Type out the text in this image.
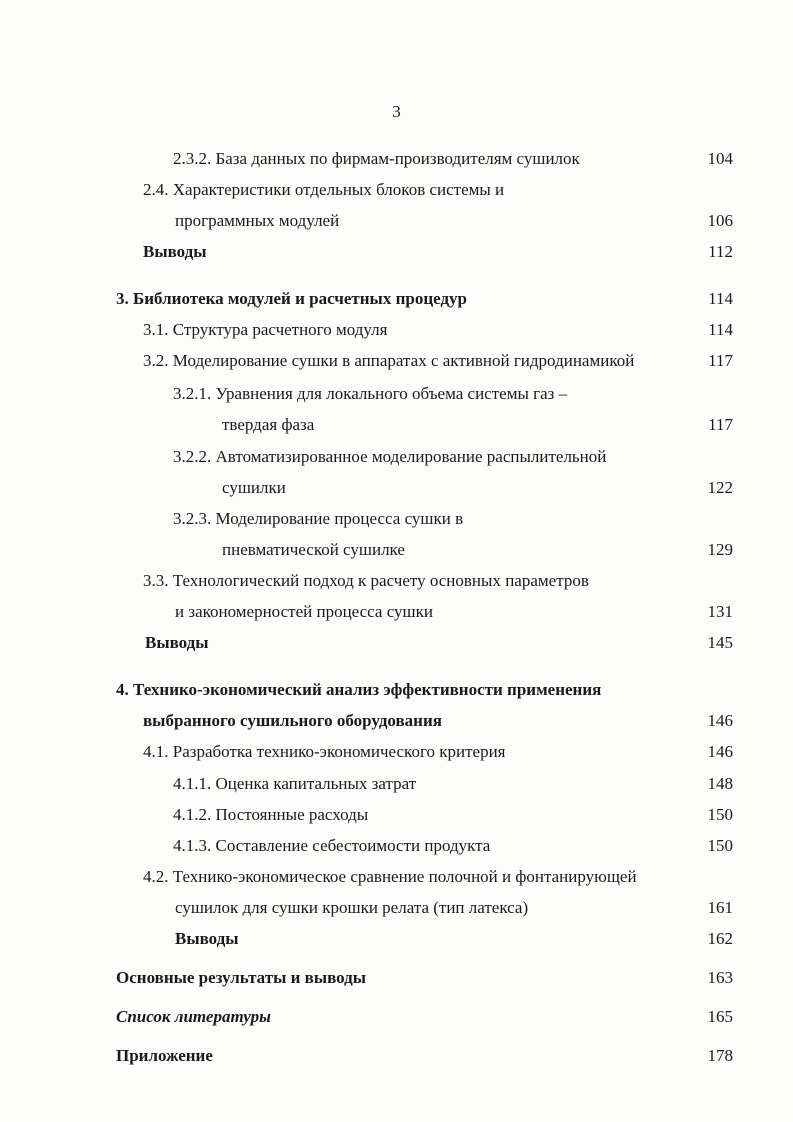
3
2.3.2. База данных по фирмам-производителям сушилок	104
2.4. Характеристики отдельных блоков системы и
программных модулей	106
Выводы	112
3. Библиотека модулей и расчетных процедур	114
3.1. Структура расчетного модуля	114
3.2. Моделирование сушки в аппаратах с активной гидродинамикой	117
3.2.1. Уравнения для локального объема системы газ –
твердая фаза	117
3.2.2. Автоматизированное моделирование распылительной
сушилки	122
3.2.3. Моделирование процесса сушки в
пневматической сушилке	129
3.3. Технологический подход к расчету основных параметров
и закономерностей процесса сушки	131
Выводы	145
4. Технико-экономический анализ эффективности применения
выбранного сушильного оборудования	146
4.1. Разработка технико-экономического критерия	146
4.1.1. Оценка капитальных затрат	148
4.1.2. Постоянные расходы	150
4.1.3. Составление себестоимости продукта	150
4.2. Технико-экономическое сравнение полочной и фонтанирующей
сушилок для сушки крошки релата (тип латекса)	161
Выводы	162
Основные результаты и выводы	163
Список литературы	165
Приложение	178
